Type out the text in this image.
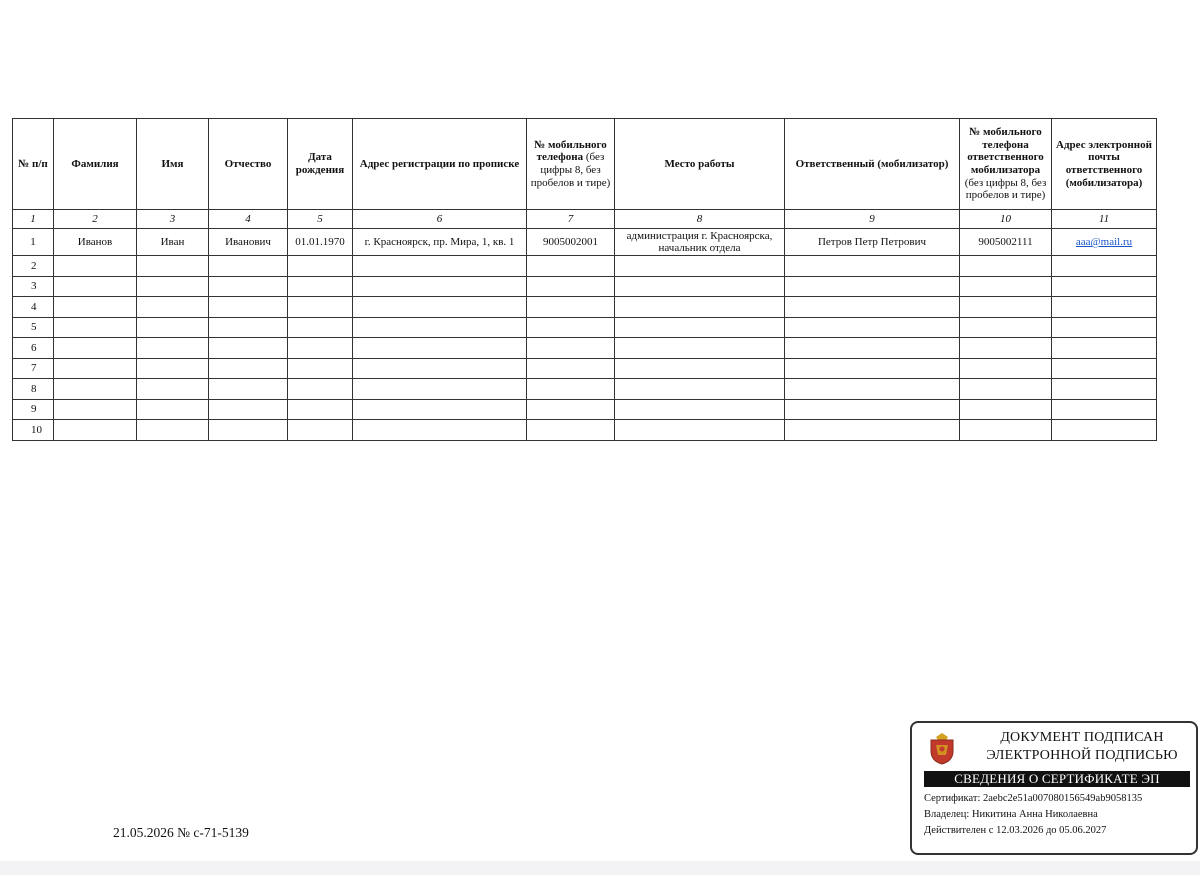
№ п/п	Фамилия	Имя	Отчество	Дата рождения	Адрес регистрации по прописке	№ мобильного телефона (без цифры 8, без пробелов и тире)	Место работы	Ответственный (мобилизатор)	№ мобильного телефона ответственного мобилизатора (без цифры 8, без пробелов и тире)	Адрес электронной почты ответственного (мобилизатора)
1	2	3	4	5	6	7	8	9	10	11
1	Иванов	Иван	Иванович	01.01.1970	г. Красноярск, пр. Мира, 1, кв. 1	9005002001	администрация г. Красноярска, начальник отдела	Петров Петр Петрович	9005002111	aaa@mail.ru
2										
3										
4										
5										
6										
7										
8										
9										
10										
21.05.2026 № с-71-5139
ДОКУМЕНТ ПОДПИСАН
ЭЛЕКТРОННОЙ ПОДПИСЬЮ
СВЕДЕНИЯ О СЕРТИФИКАТЕ ЭП
Сертификат: 2aebc2e51a007080156549ab9058135
Владелец: Никитина Анна Николаевна
Действителен с 12.03.2026 до 05.06.2027
